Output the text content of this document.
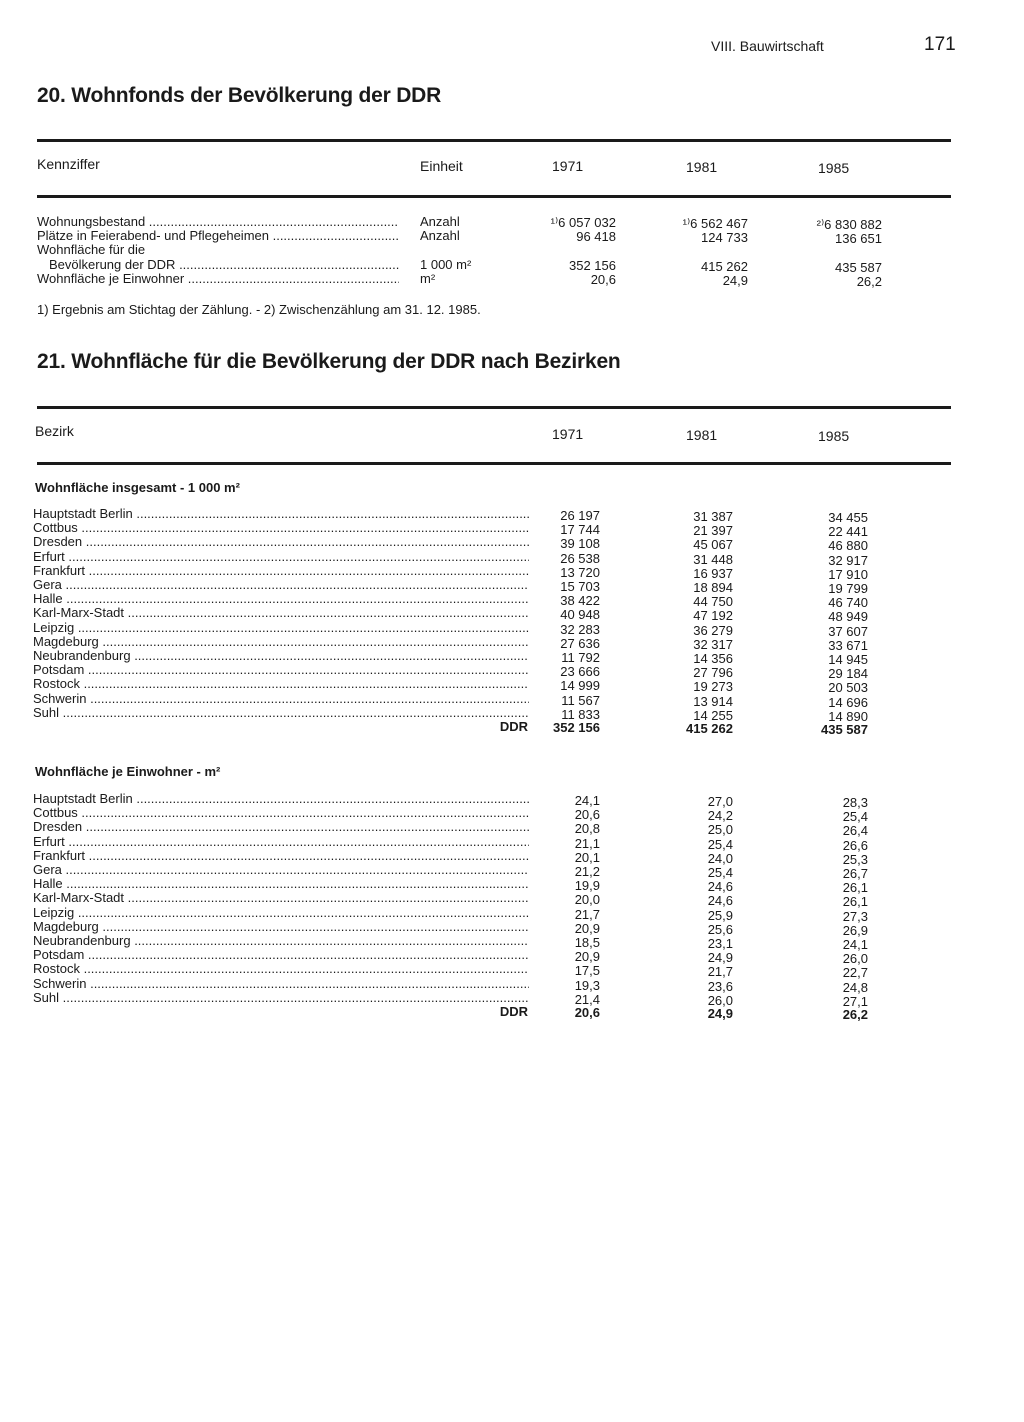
VIII. Bauwirtschaft	171
20. Wohnfonds der Bevölkerung der DDR
Kennziffer	Einheit	1971	1981	1985
Wohnungsbestand .....	Anzahl	¹⁾6 057 032	¹⁾6 562 467	²⁾6 830 882
Plätze in Feierabend- und Pflegeheimen .....	Anzahl	96 418	124 733	136 651
Wohnfläche für die
Bevölkerung der DDR .....	1 000 m²	352 156	415 262	435 587
Wohnfläche je Einwohner .....	m²	20,6	24,9	26,2
1) Ergebnis am Stichtag der Zählung. - 2) Zwischenzählung am 31. 12. 1985.
21. Wohnfläche für die Bevölkerung der DDR nach Bezirken
Bezirk	1971	1981	1985
Wohnfläche insgesamt - 1 000 m²
Hauptstadt Berlin .....	26 197	31 387	34 455
Cottbus .....	17 744	21 397	22 441
Dresden .....	39 108	45 067	46 880
Erfurt .....	26 538	31 448	32 917
Frankfurt .....	13 720	16 937	17 910
Gera .....	15 703	18 894	19 799
Halle .....	38 422	44 750	46 740
Karl-Marx-Stadt .....	40 948	47 192	48 949
Leipzig .....	32 283	36 279	37 607
Magdeburg .....	27 636	32 317	33 671
Neubrandenburg .....	11 792	14 356	14 945
Potsdam .....	23 666	27 796	29 184
Rostock .....	14 999	19 273	20 503
Schwerin .....	11 567	13 914	14 696
Suhl .....	11 833	14 255	14 890
DDR	352 156	415 262	435 587
Wohnfläche je Einwohner - m²
Hauptstadt Berlin .....	24,1	27,0	28,3
Cottbus .....	20,6	24,2	25,4
Dresden .....	20,8	25,0	26,4
Erfurt .....	21,1	25,4	26,6
Frankfurt .....	20,1	24,0	25,3
Gera .....	21,2	25,4	26,7
Halle .....	19,9	24,6	26,1
Karl-Marx-Stadt .....	20,0	24,6	26,1
Leipzig .....	21,7	25,9	27,3
Magdeburg .....	20,9	25,6	26,9
Neubrandenburg .....	18,5	23,1	24,1
Potsdam .....	20,9	24,9	26,0
Rostock .....	17,5	21,7	22,7
Schwerin .....	19,3	23,6	24,8
Suhl .....	21,4	26,0	27,1
DDR	20,6	24,9	26,2
